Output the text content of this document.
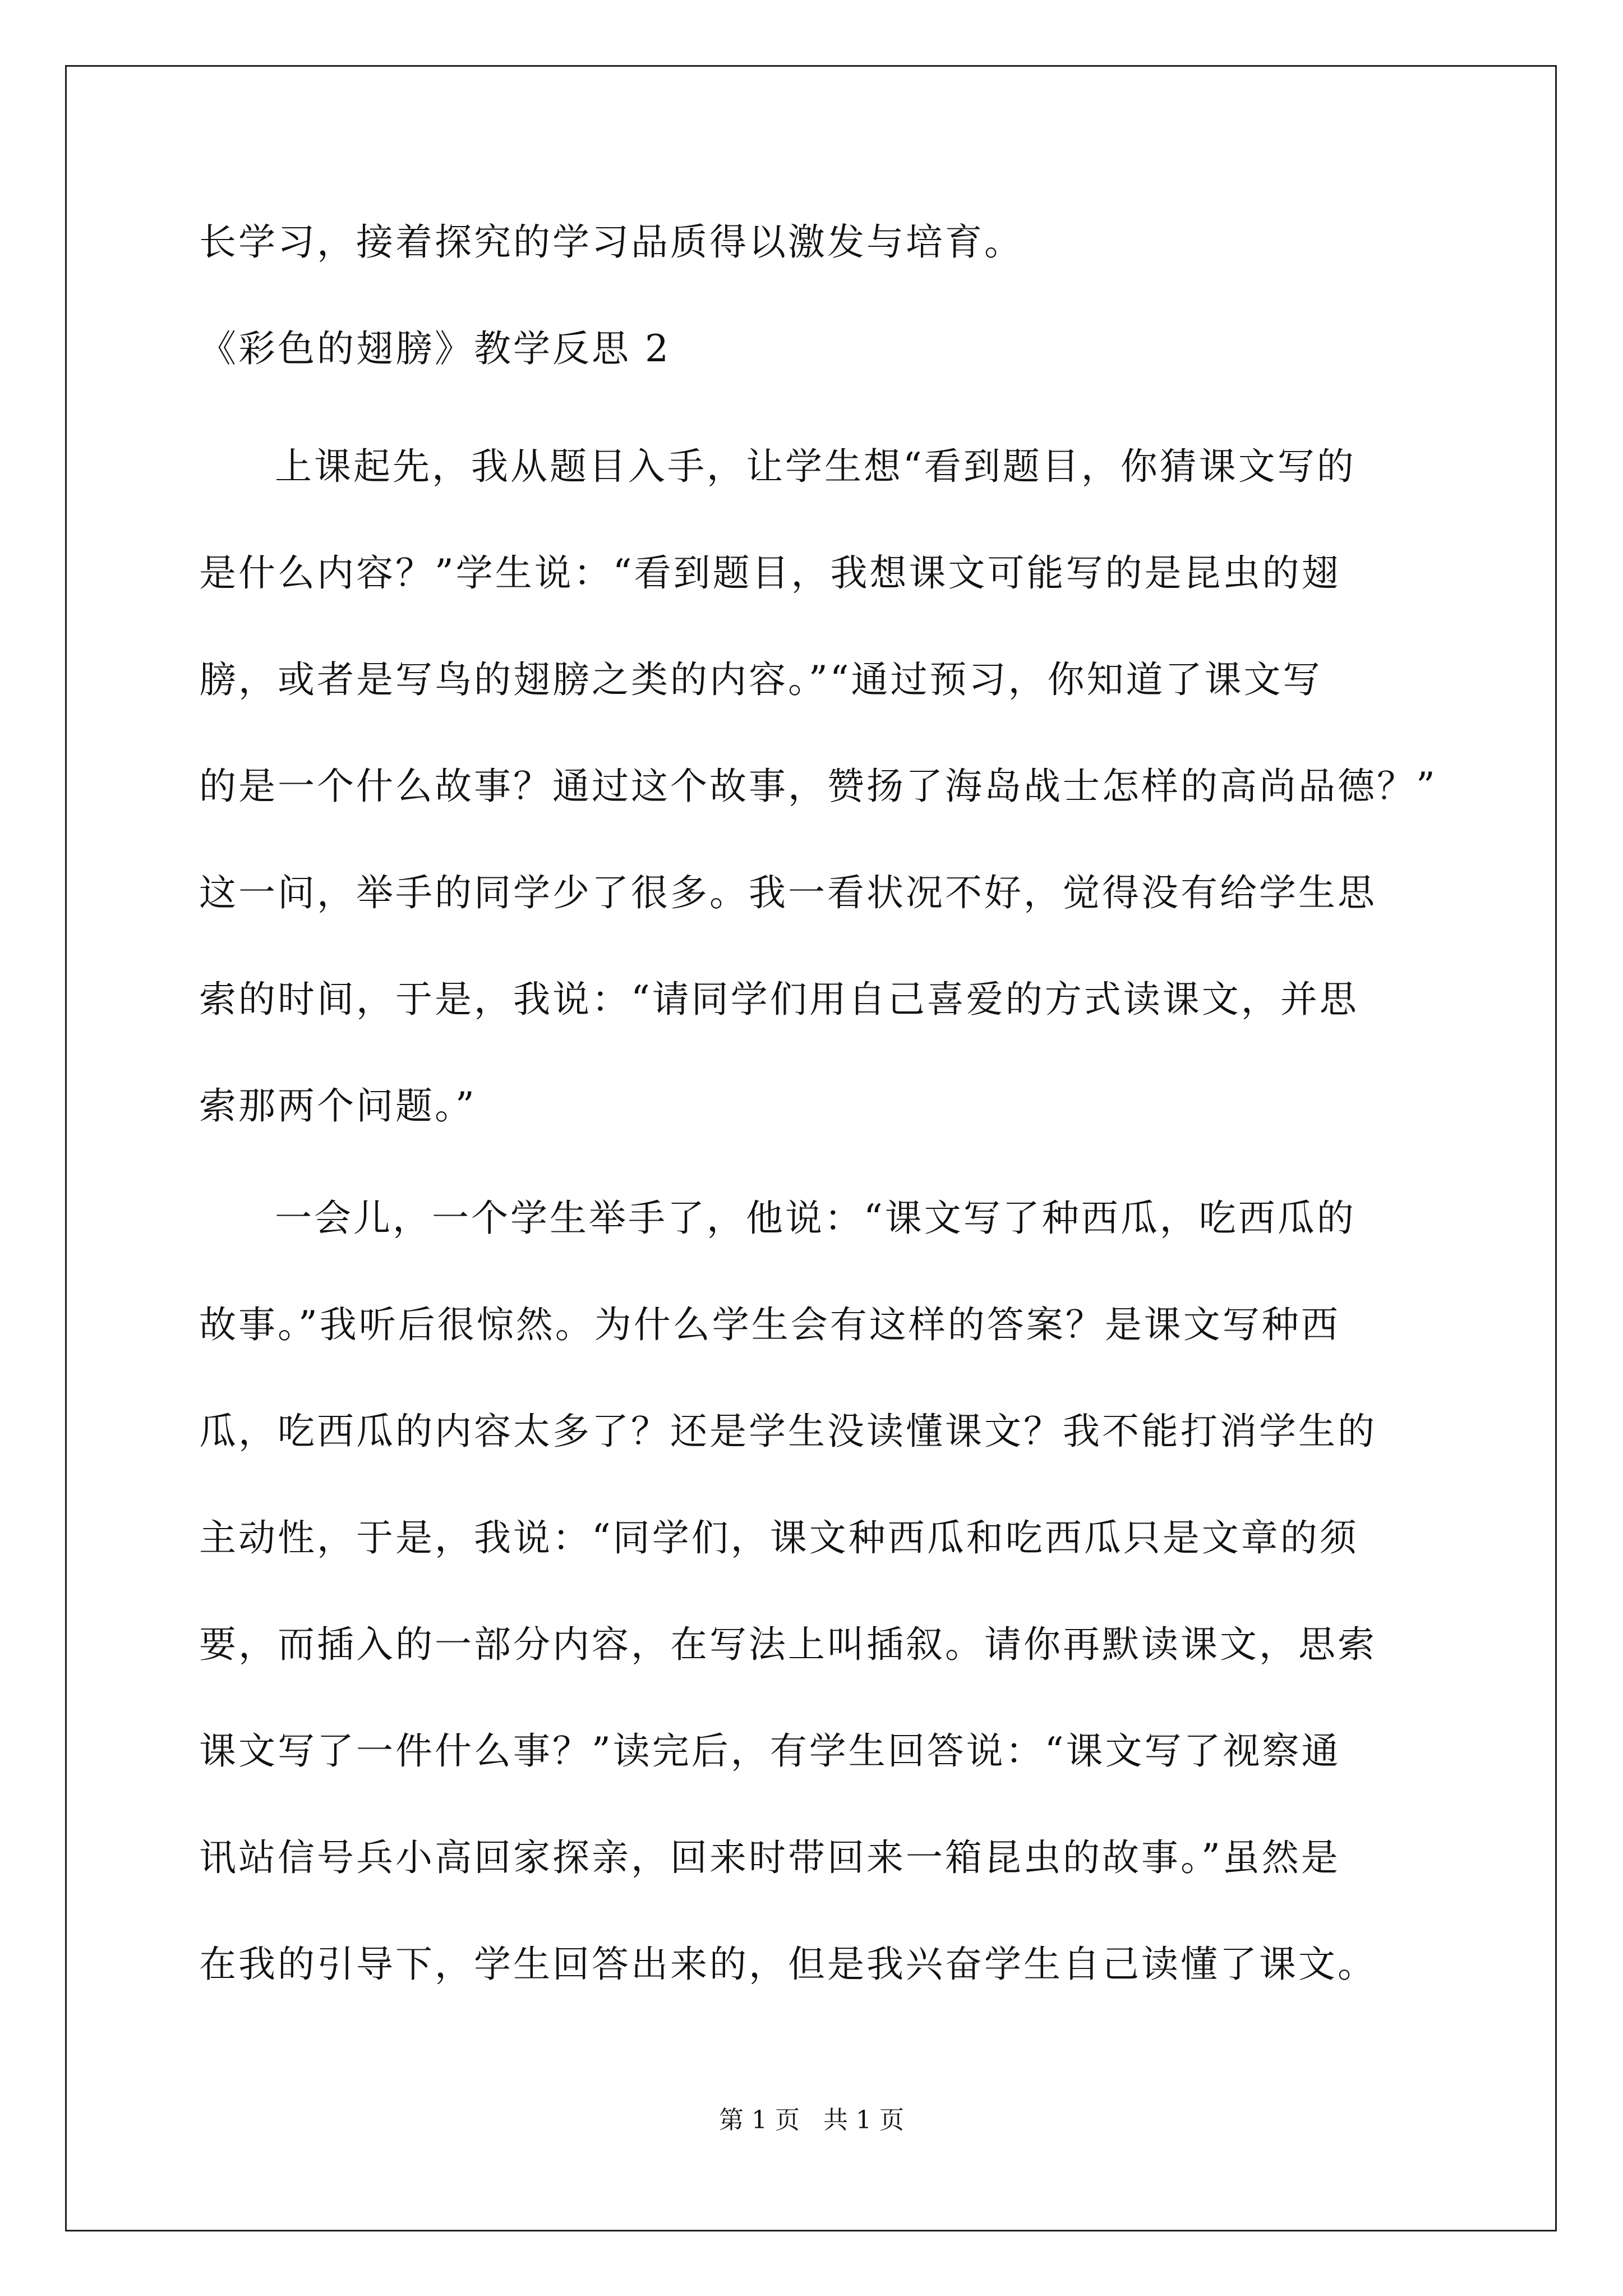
长学习，接着探究的学习品质得以激发与培育。

《彩色的翅膀》教学反思 2

上课起先，我从题目入手，让学生想“看到题目，你猜课文写的

是什么内容？”学生说：“看到题目，我想课文可能写的是昆虫的翅

膀，或者是写鸟的翅膀之类的内容。”“通过预习，你知道了课文写

的是一个什么故事？通过这个故事，赞扬了海岛战士怎样的高尚品德？”

这一问，举手的同学少了很多。我一看状况不好，觉得没有给学生思

索的时间，于是，我说：“请同学们用自己喜爱的方式读课文，并思

索那两个问题。”

一会儿，一个学生举手了，他说：“课文写了种西瓜，吃西瓜的

故事。”我听后很惊然。为什么学生会有这样的答案？是课文写种西

瓜，吃西瓜的内容太多了？还是学生没读懂课文？我不能打消学生的

主动性，于是，我说：“同学们，课文种西瓜和吃西瓜只是文章的须

要，而插入的一部分内容，在写法上叫插叙。请你再默读课文，思索

课文写了一件什么事？”读完后，有学生回答说：“课文写了视察通

讯站信号兵小高回家探亲，回来时带回来一箱昆虫的故事。”虽然是

在我的引导下，学生回答出来的，但是我兴奋学生自己读懂了课文。

第 1 页   共 1 页
